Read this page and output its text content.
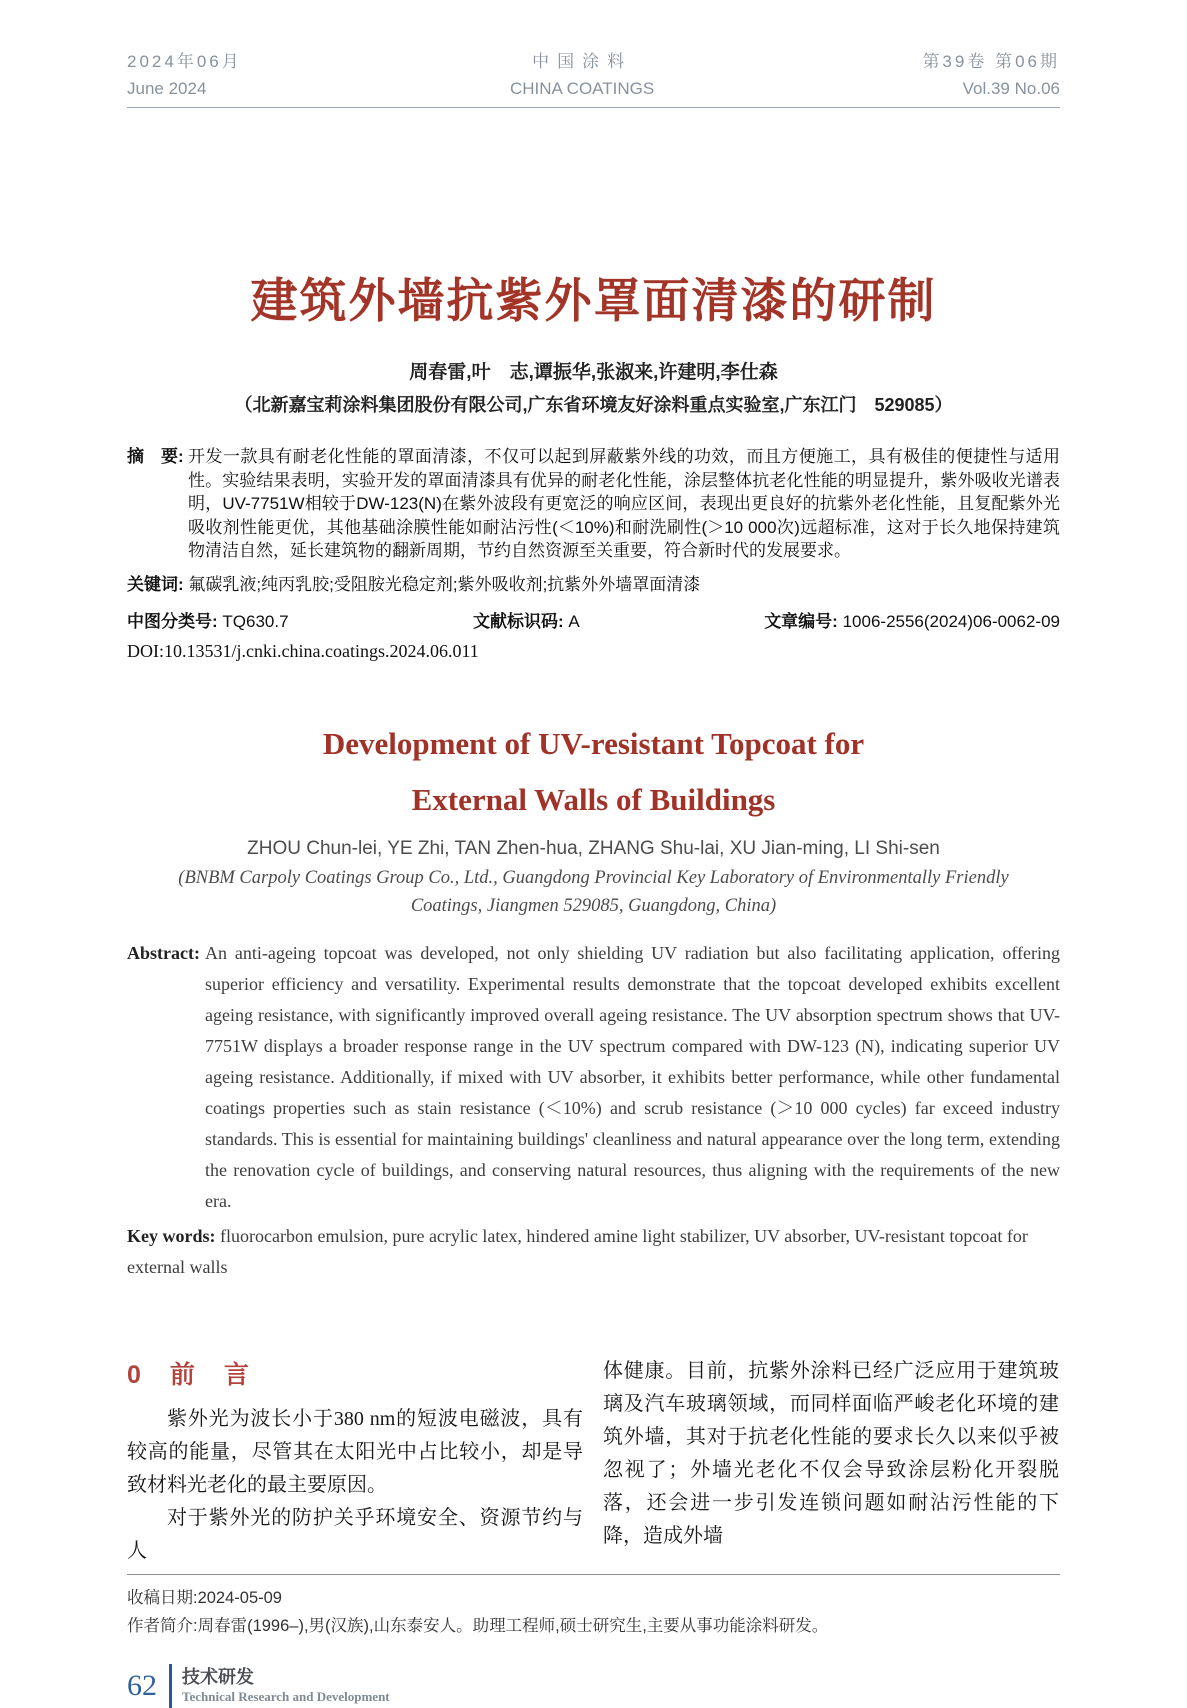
2024年06月
June 2024
中国涂料
CHINA COATINGS
第39卷 第06期
Vol.39 No.06
建筑外墙抗紫外罩面清漆的研制
周春雷,叶　志,谭振华,张淑来,许建明,李仕森
（北新嘉宝莉涂料集团股份有限公司,广东省环境友好涂料重点实验室,广东江门　529085）
摘　要: 开发一款具有耐老化性能的罩面清漆，不仅可以起到屏蔽紫外线的功效，而且方便施工，具有极佳的便捷性与适用性。实验结果表明，实验开发的罩面清漆具有优异的耐老化性能，涂层整体抗老化性能的明显提升，紫外吸收光谱表明，UV-7751W相较于DW-123(N)在紫外波段有更宽泛的响应区间，表现出更良好的抗紫外老化性能，且复配紫外光吸收剂性能更优，其他基础涂膜性能如耐沾污性(＜10%)和耐洗刷性(＞10 000次)远超标准，这对于长久地保持建筑物清洁自然，延长建筑物的翻新周期，节约自然资源至关重要，符合新时代的发展要求。
关键词: 氟碳乳液;纯丙乳胶;受阻胺光稳定剂;紫外吸收剂;抗紫外外墙罩面清漆
中图分类号: TQ630.7	文献标识码: A	文章编号: 1006-2556(2024)06-0062-09
DOI:10.13531/j.cnki.china.coatings.2024.06.011
Development of UV-resistant Topcoat for
External Walls of Buildings
ZHOU Chun-lei, YE Zhi, TAN Zhen-hua, ZHANG Shu-lai, XU Jian-ming, LI Shi-sen
(BNBM Carpoly Coatings Group Co., Ltd., Guangdong Provincial Key Laboratory of Environmentally Friendly Coatings, Jiangmen 529085, Guangdong, China)
Abstract: An anti-ageing topcoat was developed, not only shielding UV radiation but also facilitating application, offering superior efficiency and versatility. Experimental results demonstrate that the topcoat developed exhibits excellent ageing resistance, with significantly improved overall ageing resistance. The UV absorption spectrum shows that UV-7751W displays a broader response range in the UV spectrum compared with DW-123 (N), indicating superior UV ageing resistance. Additionally, if mixed with UV absorber, it exhibits better performance, while other fundamental coatings properties such as stain resistance (＜10%) and scrub resistance (＞10 000 cycles) far exceed industry standards. This is essential for maintaining buildings' cleanliness and natural appearance over the long term, extending the renovation cycle of buildings, and conserving natural resources, thus aligning with the requirements of the new era.
Key words: fluorocarbon emulsion, pure acrylic latex, hindered amine light stabilizer, UV absorber, UV-resistant topcoat for external walls
0　前　言

紫外光为波长小于380 nm的短波电磁波，具有较高的能量，尽管其在太阳光中占比较小，却是导致材料光老化的最主要原因。

对于紫外光的防护关乎环境安全、资源节约与人

体健康。目前，抗紫外涂料已经广泛应用于建筑玻璃及汽车玻璃领域，而同样面临严峻老化环境的建筑外墙，其对于抗老化性能的要求长久以来似乎被忽视了；外墙光老化不仅会导致涂层粉化开裂脱落，还会进一步引发连锁问题如耐沾污性能的下降，造成外墙

收稿日期:2024-05-09
作者简介:周春雷(1996–),男(汉族),山东泰安人。助理工程师,硕士研究生,主要从事功能涂料研发。
62 技术研发
Technical Research and Development
